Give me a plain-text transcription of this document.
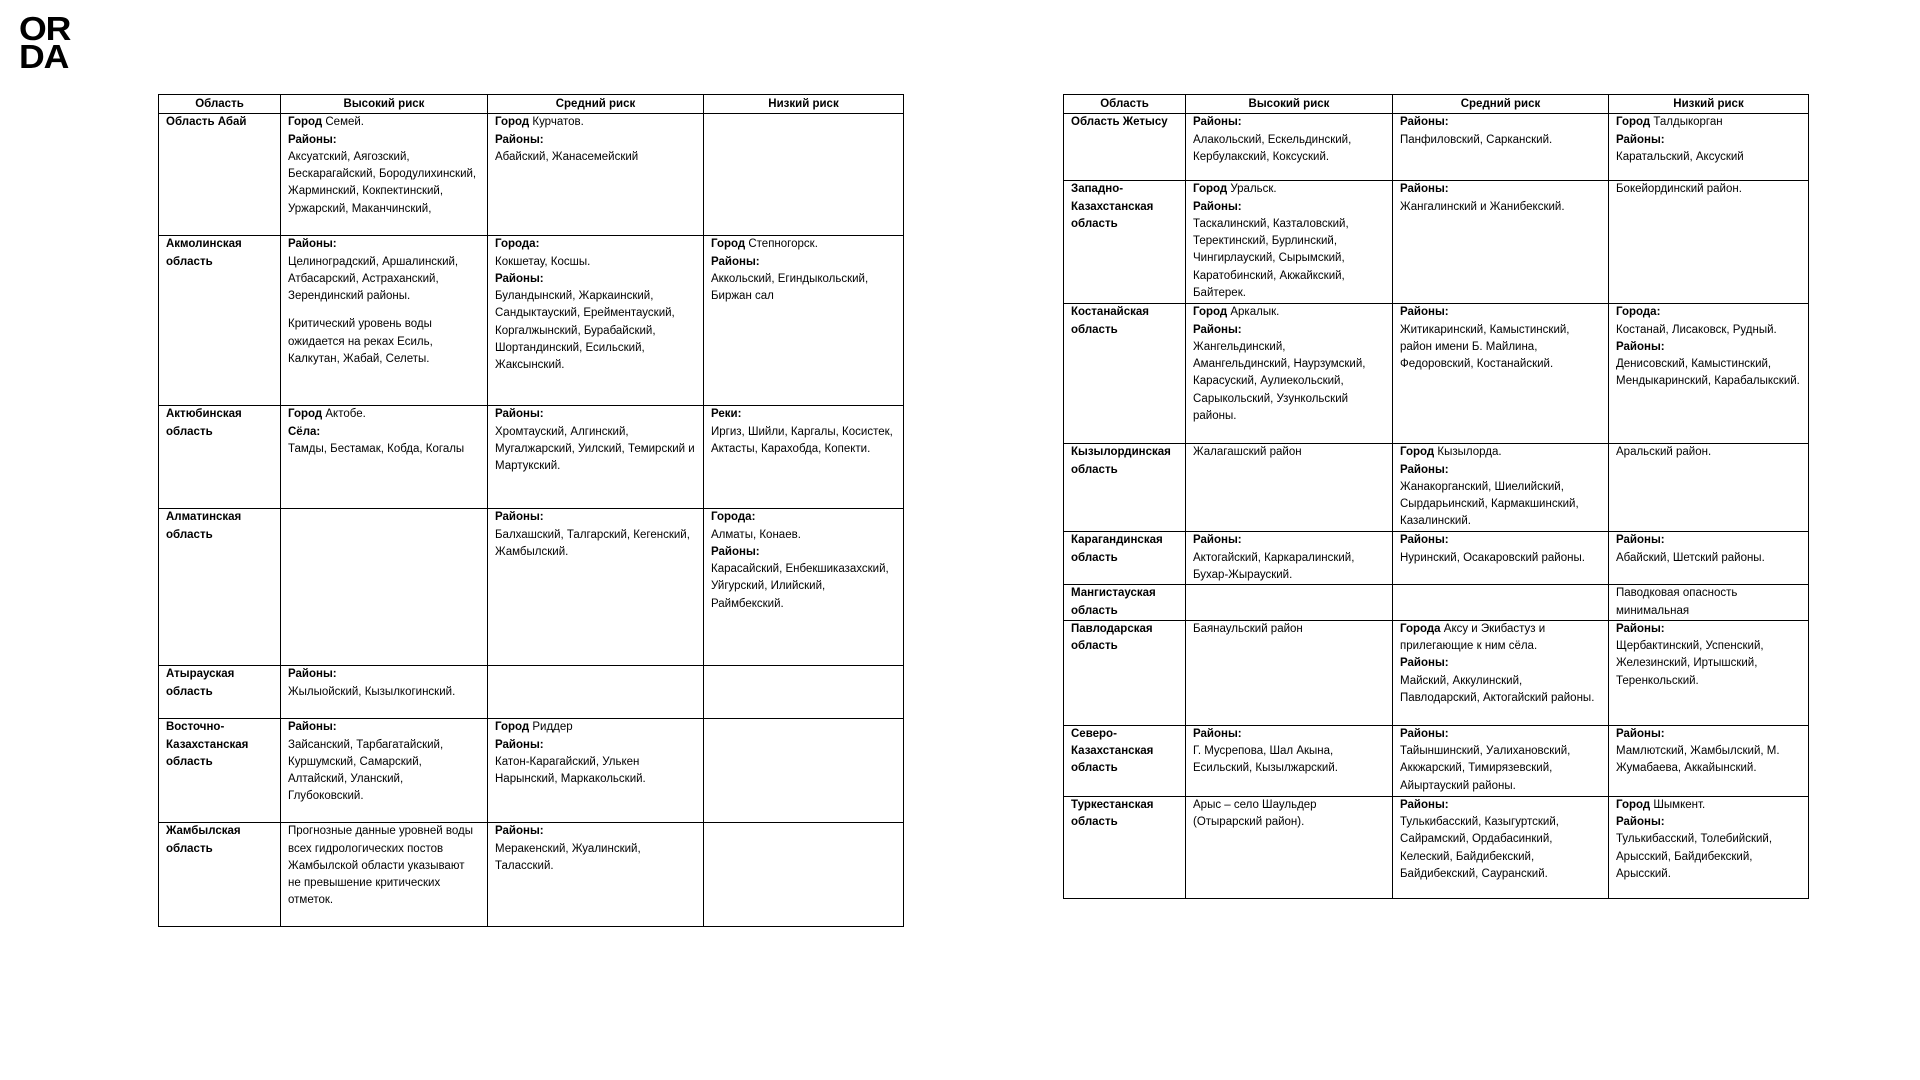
OR
DA
Область	Высокий риск	Средний риск	Низкий риск
Область Абай	Город Семей.
Районы:
Аксуатский, Аягозский, Бескарагайский, Бородулихинский, Жарминский, Кокпектинский, Уржарский, Маканчинский,	Город Курчатов.
Районы:
Абайский, Жанасемейский	

Акмолинская область	Районы:
Целиноградский, Аршалинский, Атбасарский, Астраханский, Зерендинский районы.
Критический уровень воды ожидается на реках Есиль, Калкутан, Жабай, Селеты.	Города:
Кокшетау, Косшы.
Районы:
Буландынский, Жаркаинский, Сандыктауский, Ерейментауский, Коргалжынский, Бурабайский, Шортандинский, Есильский, Жаксынский.	Город Степногорск.
Районы:
Аккольский, Егиндыкольский, Биржан сал

Актюбинская область	Город Актобе.
Сёла:
Тамды, Бестамак, Кобда, Когалы	Районы:
Хромтауский, Алгинский, Мугалжарский, Уилский, Темирский и Мартукский.	Реки:
Иргиз, Шийли, Каргалы, Косистек, Актасты, Карахобда, Копекти.

Алматинская область		Районы:
Балхашский, Талгарский, Кегенский, Жамбылский.	Города:
Алматы, Конаев.
Районы:
Карасайский, Енбекшиказахский, Уйгурский, Илийский, Раймбекский.

Атырауская область	Районы:
Жылыойский, Кызылкогинский.		

Восточно-Казахстанская область	Районы:
Зайсанский, Тарбагатайский, Куршумский, Самарский, Алтайский, Уланский, Глубоковский.	Город Риддер
Районы:
Катон-Карагайский, Улькен Нарынский, Маркакольский.	

Жамбылская область	Прогнозные данные уровней воды всех гидрологических постов Жамбылской области указывают не превышение критических отметок.	Районы:
Меракенский, Жуалинский, Таласский.	

Область	Высокий риск	Средний риск	Низкий риск
Область Жетысу	Районы:
Алакольский, Ескельдинский, Кербулакский, Коксуский.	Районы:
Панфиловский, Сарканский.	Город Талдыкорган
Районы:
Каратальский, Аксуский

Западно-Казахстанская область	Город Уральск.
Районы:
Таскалинский, Казталовский, Теректинский, Бурлинский, Чингирлауский, Сырымский, Каратобинский, Акжайкский, Байтерек.	Районы:
Жангалинский и Жанибекский.	Бокейординский район.

Костанайская область	Город Аркалык.
Районы:
Жангельдинский, Амангельдинский, Наурзумский, Карасуский, Аулиекольский, Сарыкольский, Узункольский районы.	Районы:
Житикаринский, Камыстинский, район имени Б. Майлина, Федоровский, Костанайский.	Города:
Костанай, Лисаковск, Рудный.
Районы:
Денисовский, Камыстинский, Мендыкаринский, Карабалыкский.

Кызылординская область	Жалагашский район	Город Кызылорда.
Районы:
Жанакорганский, Шиелийский, Сырдарьинский, Кармакшинский, Казалинский.	Аральский район.

Карагандинская область	Районы:
Актогайский, Каркаралинский, Бухар-Жырауский.	Районы:
Нуринский, Осакаровский районы.	Районы:
Абайский, Шетский районы.

Мангистауская область			Паводковая опасность минимальная

Павлодарская область	Баянаульский район	Города Аксу и Экибастуз и прилегающие к ним сёла.
Районы:
Майский, Аккулинский, Павлодарский, Актогайский районы.	Районы:
Щербактинский, Успенский, Железинский, Иртышский, Теренкольский.

Северо-Казахстанская область	Районы:
Г. Мусрепова, Шал Акына, Есильский, Кызылжарский.	Районы:
Тайыншинский, Уалихановский, Аккжарский, Тимирязевский, Айыртауский районы.	Районы:
Мамлютский, Жамбылский, М. Жумабаева, Аккайынский.

Туркестанская область	Арыс – село Шаульдер (Отырарский район).	Районы:
Тулькибасский, Казыгуртский, Сайрамский, Ордабасинкий, Келеский, Байдибекский, Байдибекский, Сауранский.	Город Шымкент.
Районы:
Тулькибасский, Толебийский, Арысский, Байдибекский, Арысский.
